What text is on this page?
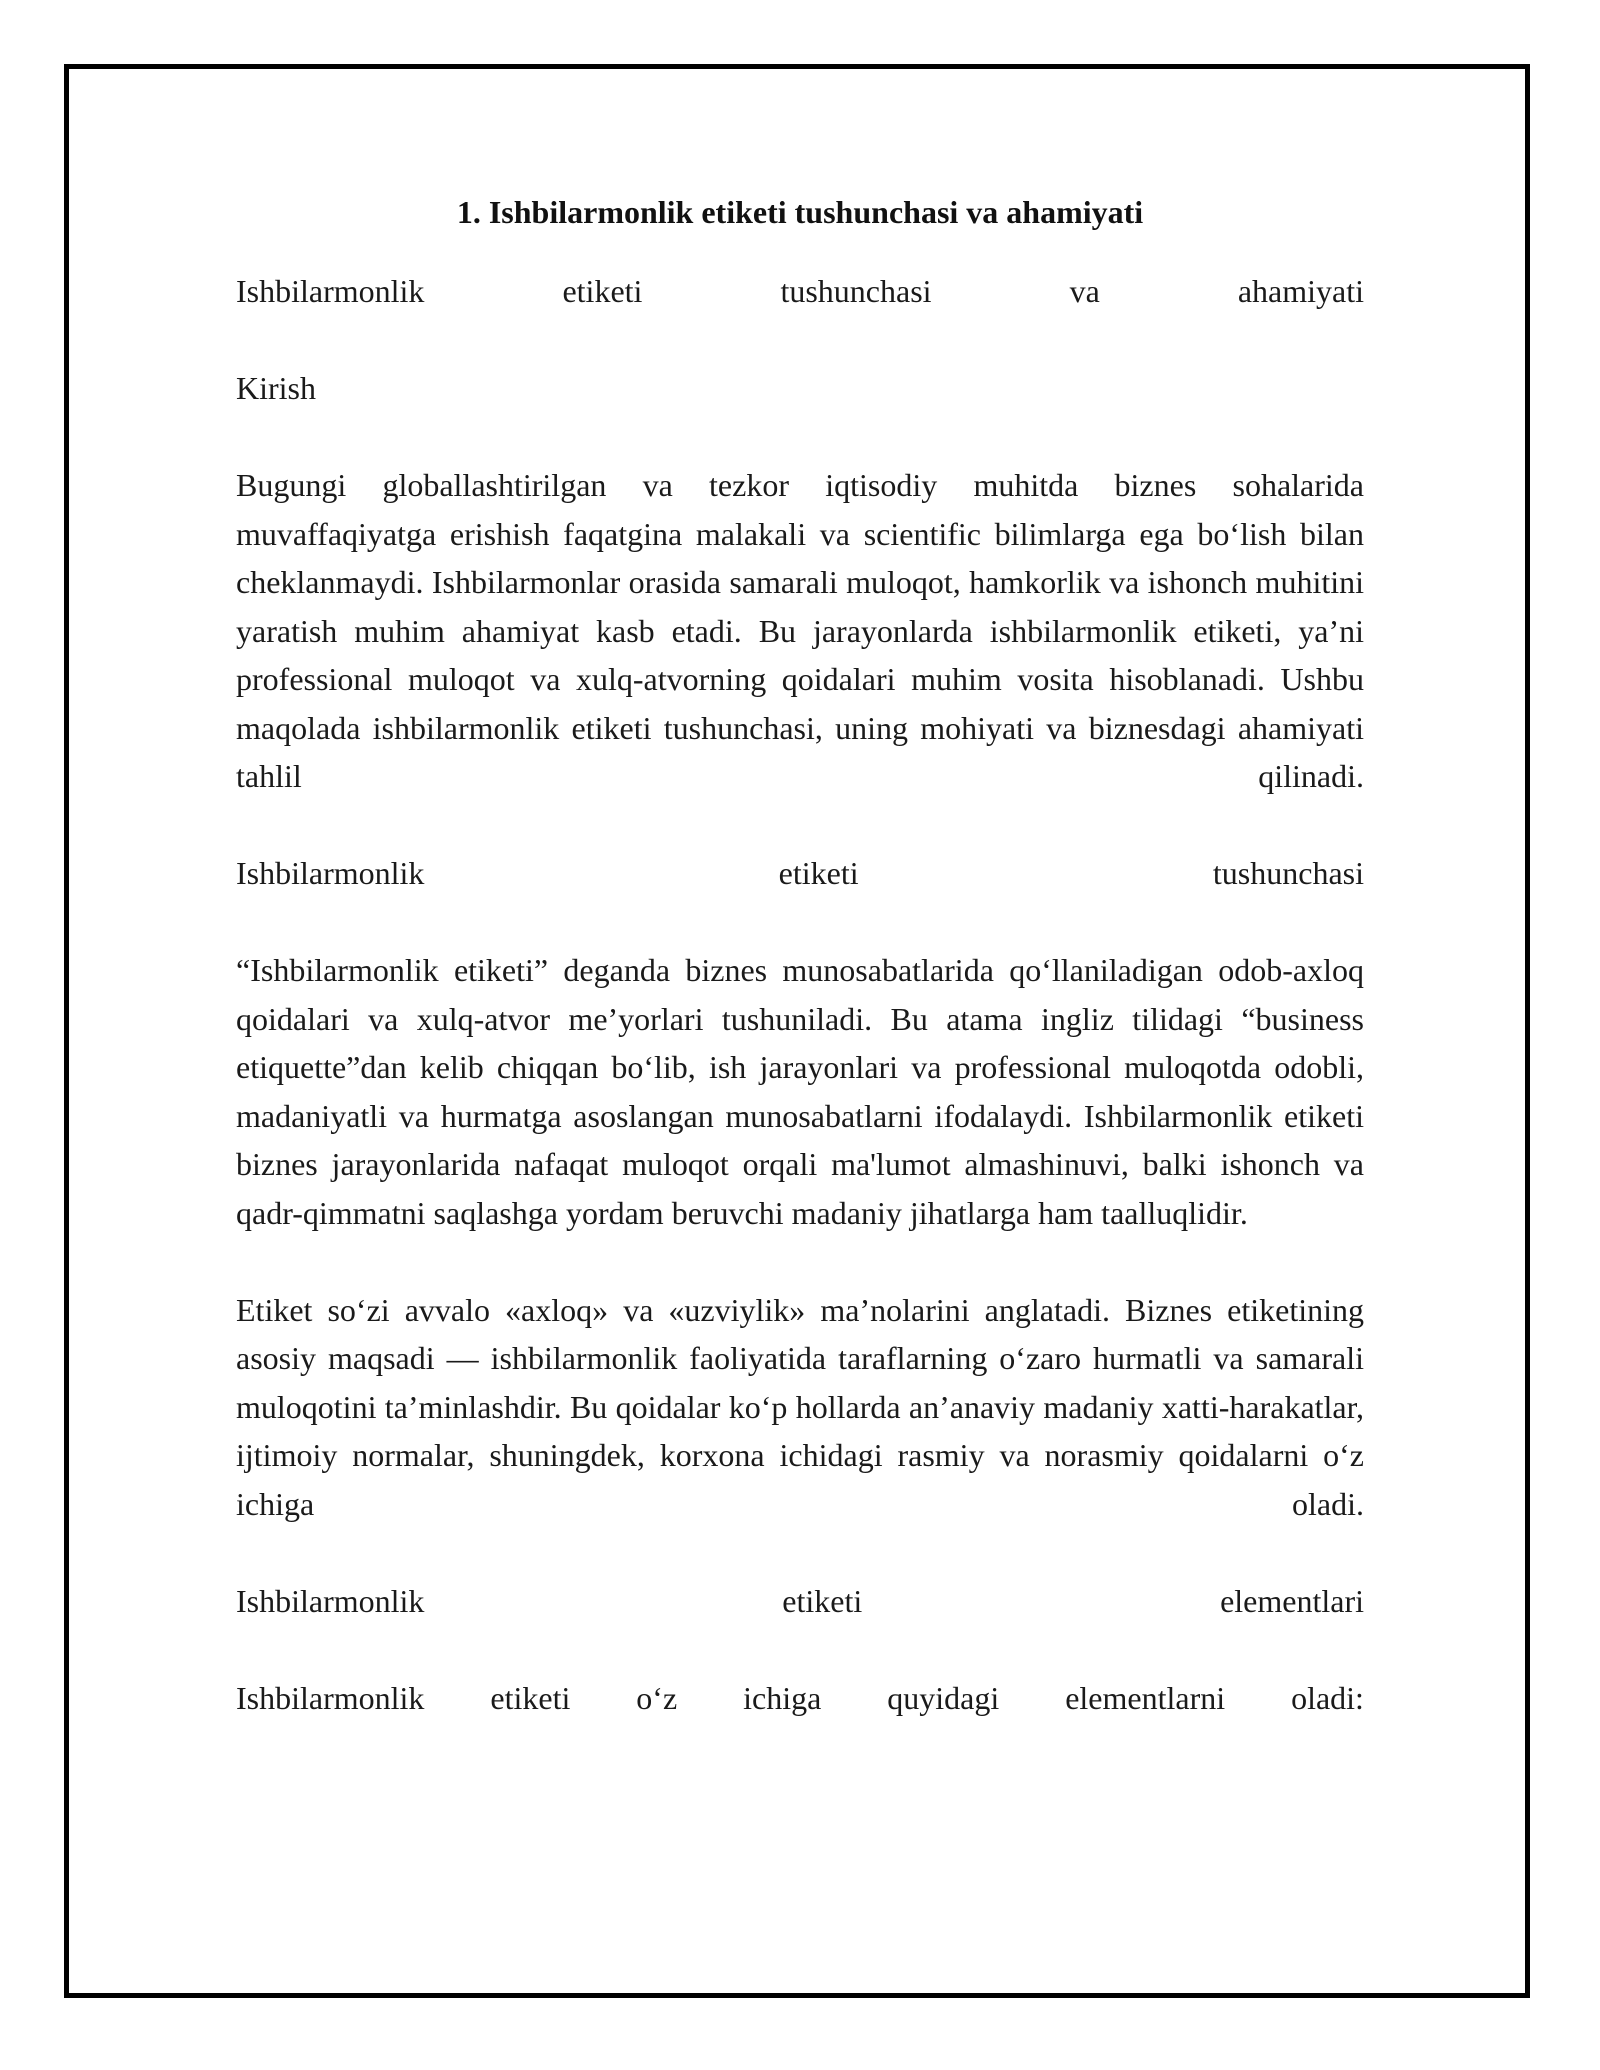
1. Ishbilarmonlik etiketi tushunchasi va ahamiyati
Ishbilarmonlik	etiketi	tushunchasi	va	ahamiyati
Kirish
Bugungi globallashtirilgan va tezkor iqtisodiy muhitda biznes sohalarida muvaffaqiyatga erishish faqatgina malakali va scientific bilimlarga ega bo‘lish bilan cheklanmaydi. Ishbilarmonlar orasida samarali muloqot, hamkorlik va ishonch muhitini yaratish muhim ahamiyat kasb etadi. Bu jarayonlarda ishbilarmonlik etiketi, ya’ni professional muloqot va xulq-atvorning qoidalari muhim vosita hisoblanadi. Ushbu maqolada ishbilarmonlik etiketi tushunchasi, uning mohiyati va biznesdagi ahamiyati tahlil qilinadi.
Ishbilarmonlik	etiketi	tushunchasi
“Ishbilarmonlik etiketi” deganda biznes munosabatlarida qo‘llaniladigan odob-axloq qoidalari va xulq-atvor me’yorlari tushuniladi. Bu atama ingliz tilidagi “business etiquette”dan kelib chiqqan bo‘lib, ish jarayonlari va professional muloqotda odobli, madaniyatli va hurmatga asoslangan munosabatlarni ifodalaydi. Ishbilarmonlik etiketi biznes jarayonlarida nafaqat muloqot orqali ma'lumot almashinuvi, balki ishonch va qadr-qimmatni saqlashga yordam beruvchi madaniy jihatlarga ham taalluqlidir.
Etiket so‘zi avvalo «axloq» va «uzviylik» ma’nolarini anglatadi. Biznes etiketining asosiy maqsadi — ishbilarmonlik faoliyatida taraflarning o‘zaro hurmatli va samarali muloqotini ta’minlashdir. Bu qoidalar ko‘p hollarda an’anaviy madaniy xatti-harakatlar, ijtimoiy normalar, shuningdek, korxona ichidagi rasmiy va norasmiy qoidalarni o‘z ichiga oladi.
Ishbilarmonlik	etiketi	elementlari
Ishbilarmonlik etiketi o‘z ichiga quyidagi elementlarni oladi:
